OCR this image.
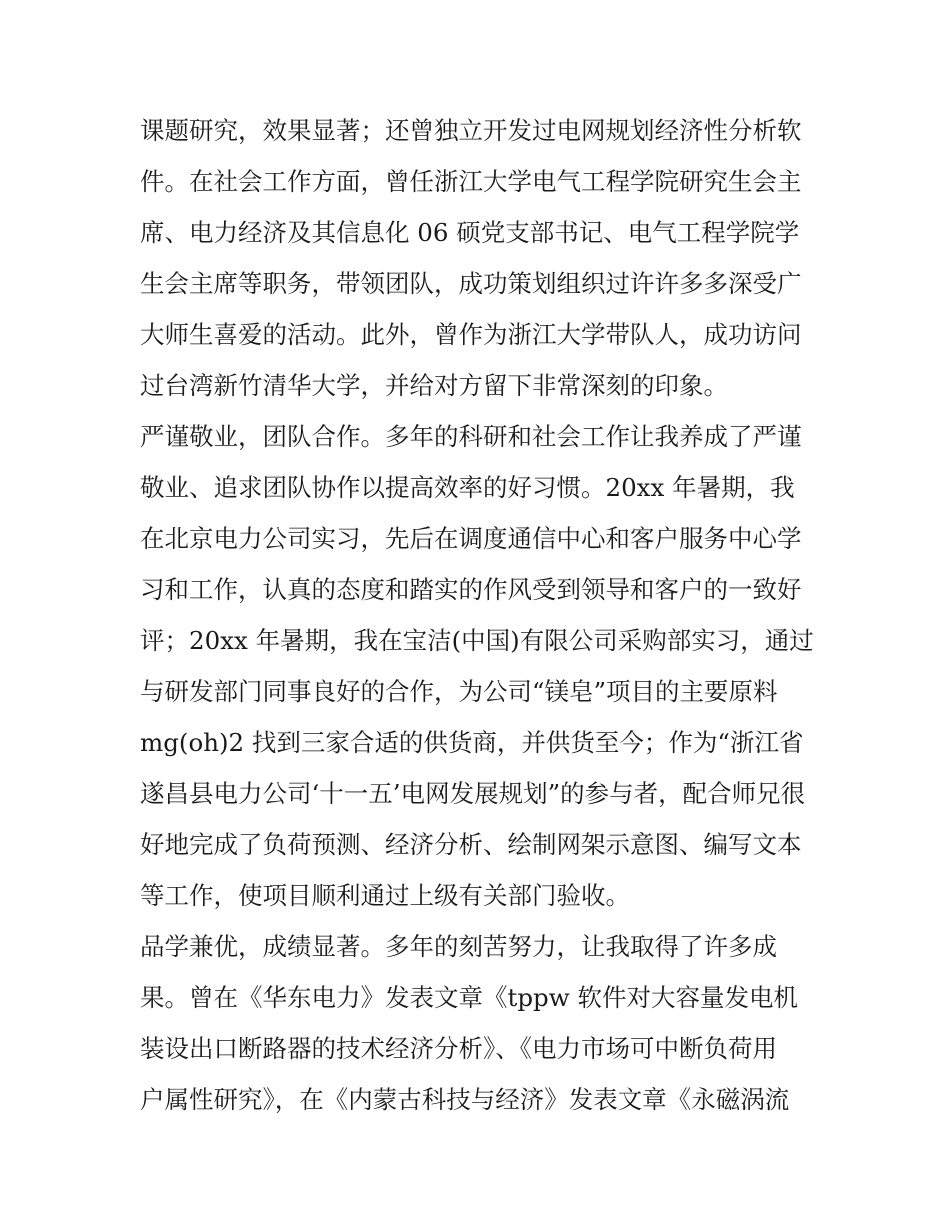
课题研究，效果显著；还曾独立开发过电网规划经济性分析软
件。在社会工作方面，曾任浙江大学电气工程学院研究生会主
席、电力经济及其信息化 06 硕党支部书记、电气工程学院学
生会主席等职务，带领团队，成功策划组织过许许多多深受广
大师生喜爱的活动。此外，曾作为浙江大学带队人，成功访问
过台湾新竹清华大学，并给对方留下非常深刻的印象。
严谨敬业，团队合作。多年的科研和社会工作让我养成了严谨
敬业、追求团队协作以提高效率的好习惯。20xx 年暑期，我
在北京电力公司实习，先后在调度通信中心和客户服务中心学
习和工作，认真的态度和踏实的作风受到领导和客户的一致好
评；20xx 年暑期，我在宝洁(中国)有限公司采购部实习，通过
与研发部门同事良好的合作，为公司“镁皂”项目的主要原料
mg(oh)2 找到三家合适的供货商，并供货至今；作为“浙江省
遂昌县电力公司‘十一五’电网发展规划”的参与者，配合师兄很
好地完成了负荷预测、经济分析、绘制网架示意图、编写文本
等工作，使项目顺利通过上级有关部门验收。
品学兼优，成绩显著。多年的刻苦努力，让我取得了许多成
果。曾在《华东电力》发表文章《tppw 软件对大容量发电机
装设出口断路器的技术经济分析》、《电力市场可中断负荷用
户属性研究》，在《内蒙古科技与经济》发表文章《永磁涡流
